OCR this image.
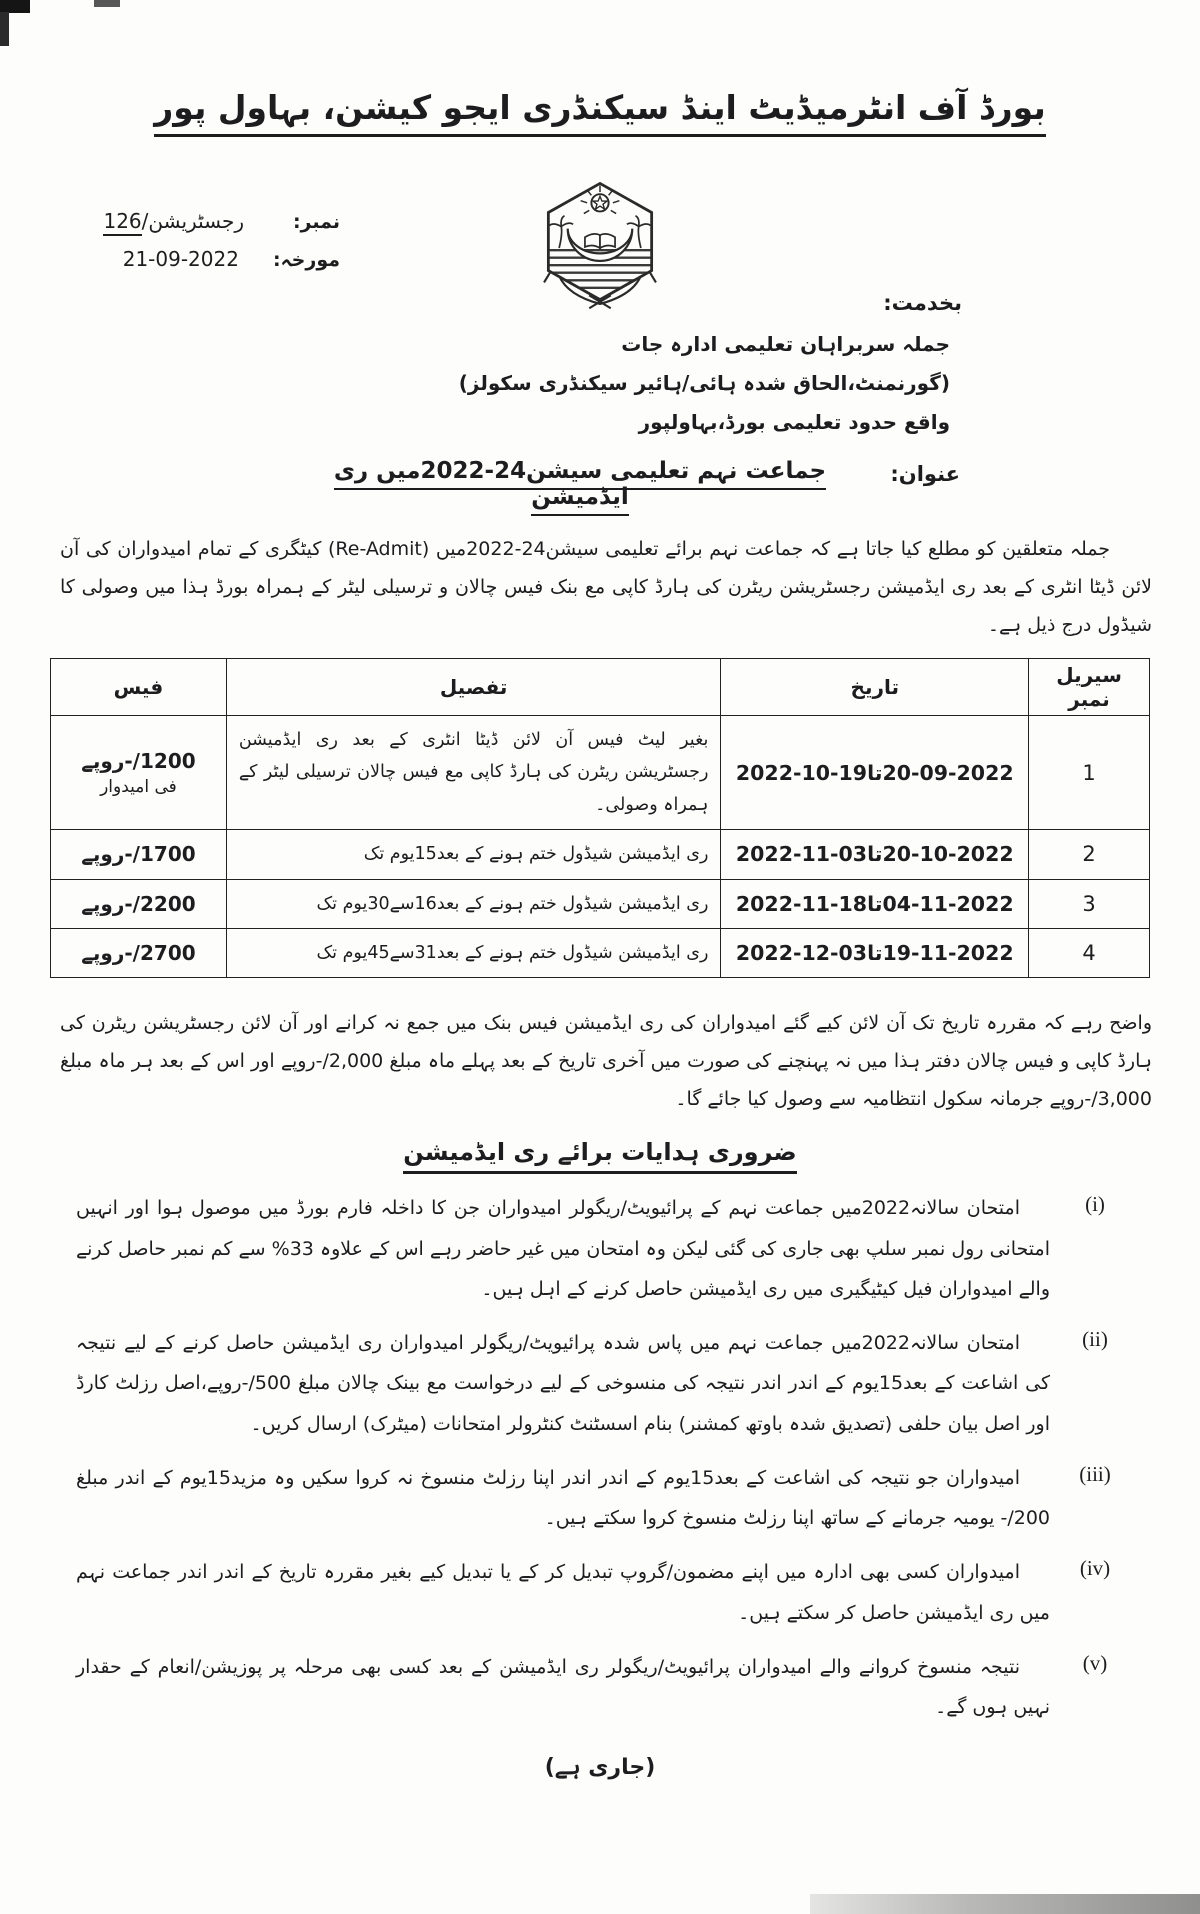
بورڈ آف انٹرمیڈیٹ اینڈ سیکنڈری ایجو کیشن، بہاول پور
نمبر:
رجسٹریشن/126
مورخہ:
21-09-2022
بخدمت:
جملہ سربراہان تعلیمی ادارہ جات
(گورنمنٹ،الحاق شدہ ہائی/ہائیر سیکنڈری سکولز)
واقع حدود تعلیمی بورڈ،بہاولپور
عنوان:
جماعت نہم تعلیمی سیشن24-2022میں ری ایڈمیشن

جملہ متعلقین کو مطلع کیا جاتا ہے کہ جماعت نہم برائے تعلیمی سیشن24-2022میں (Re-Admit) کیٹگری کے تمام امیدواران کی آن لائن ڈیٹا انٹری کے بعد ری ایڈمیشن رجسٹریشن ریٹرن کی ہارڈ کاپی مع بنک فیس چالان و ترسیلی لیٹر کے ہمراہ بورڈ ہذا میں وصولی کا شیڈول درج ذیل ہے۔

سیریل نمبر	تاریخ	تفصیل	فیس
1	20-09-2022تا19-10-2022	بغیر لیٹ فیس آن لائن ڈیٹا انٹری کے بعد ری ایڈمیشن رجسٹریشن ریٹرن کی ہارڈ کاپی مع فیس چالان ترسیلی لیٹر کے ہمراہ وصولی۔	1200/-روپے
فی امیدوار

2	20-10-2022تا03-11-2022	ری ایڈمیشن شیڈول ختم ہونے کے بعد15یوم تک	1700/-روپے

3	04-11-2022تا18-11-2022	ری ایڈمیشن شیڈول ختم ہونے کے بعد16سے30یوم تک	2200/-روپے

4	19-11-2022تا03-12-2022	ری ایڈمیشن شیڈول ختم ہونے کے بعد31سے45یوم تک	2700/-روپے

واضح رہے کہ مقررہ تاریخ تک آن لائن کیے گئے امیدواران کی ری ایڈمیشن فیس بنک میں جمع نہ کرانے اور آن لائن رجسٹریشن ریٹرن کی ہارڈ کاپی و فیس چالان دفتر ہذا میں نہ پہنچنے کی صورت میں آخری تاریخ کے بعد پہلے ماہ مبلغ 2,000/-روپے اور اس کے بعد ہر ماہ مبلغ 3,000/-روپے جرمانہ سکول انتظامیہ سے وصول کیا جائے گا۔

ضروری ہدایات برائے ری ایڈمیشن
(i)

امتحان سالانہ2022میں جماعت نہم کے پرائیویٹ/ریگولر امیدواران جن کا داخلہ فارم بورڈ میں موصول ہوا اور انہیں امتحانی رول نمبر سلپ بھی جاری کی گئی لیکن وہ امتحان میں غیر حاضر رہے اس کے علاوہ 33% سے کم نمبر حاصل کرنے والے امیدواران فیل کیٹیگیری میں ری ایڈمیشن حاصل کرنے کے اہل ہیں۔

(ii)

امتحان سالانہ2022میں جماعت نہم میں پاس شدہ پرائیویٹ/ریگولر امیدواران ری ایڈمیشن حاصل کرنے کے لیے نتیجہ کی اشاعت کے بعد15یوم کے اندر اندر نتیجہ کی منسوخی کے لیے درخواست مع بینک چالان مبلغ 500/-روپے،اصل رزلٹ کارڈ اور اصل بیان حلفی (تصدیق شدہ باوتھ کمشنر) بنام اسسٹنٹ کنٹرولر امتحانات (میٹرک) ارسال کریں۔

(iii)

امیدواران جو نتیجہ کی اشاعت کے بعد15یوم کے اندر اندر اپنا رزلٹ منسوخ نہ کروا سکیں وہ مزید15یوم کے اندر مبلغ 200/- یومیہ جرمانے کے ساتھ اپنا رزلٹ منسوخ کروا سکتے ہیں۔

(iv)

امیدواران کسی بھی ادارہ میں اپنے مضمون/گروپ تبدیل کر کے یا تبدیل کیے بغیر مقررہ تاریخ کے اندر اندر جماعت نہم میں ری ایڈمیشن حاصل کر سکتے ہیں۔

(v)

نتیجہ منسوخ کروانے والے امیدواران پرائیویٹ/ریگولر ری ایڈمیشن کے بعد کسی بھی مرحلہ پر پوزیشن/انعام کے حقدار نہیں ہوں گے۔

(جاری ہے)
